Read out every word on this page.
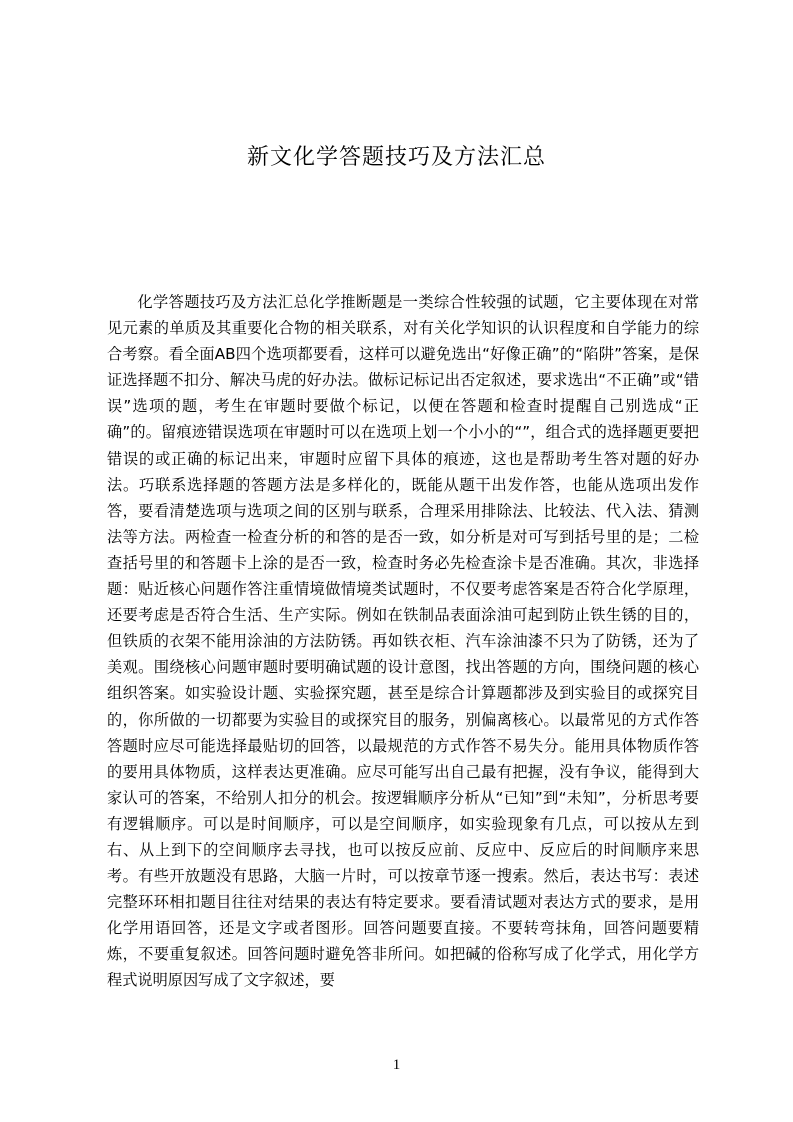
新文化学答题技巧及方法汇总

化学答题技巧及方法汇总化学推断题是一类综合性较强的试题，它主要体现在对常见元素的单质及其重要化合物的相关联系，对有关化学知识的认识程度和自学能力的综合考察。看全面AB四个选项都要看，这样可以避免选出“好像正确”的“陷阱”答案，是保证选择题不扣分、解决马虎的好办法。做标记标记出否定叙述，要求选出“不正确”或“错误”选项的题，考生在审题时要做个标记，以便在答题和检查时提醒自己别选成“正确”的。留痕迹错误选项在审题时可以在选项上划一个小小的“”，组合式的选择题更要把错误的或正确的标记出来，审题时应留下具体的痕迹，这也是帮助考生答对题的好办法。巧联系选择题的答题方法是多样化的，既能从题干出发作答，也能从选项出发作答，要看清楚选项与选项之间的区别与联系，合理采用排除法、比较法、代入法、猜测法等方法。两检查一检查分析的和答的是否一致，如分析是对可写到括号里的是；二检查括号里的和答题卡上涂的是否一致，检查时务必先检查涂卡是否准确。其次，非选择题：贴近核心问题作答注重情境做情境类试题时，不仅要考虑答案是否符合化学原理，还要考虑是否符合生活、生产实际。例如在铁制品表面涂油可起到防止铁生锈的目的，但铁质的衣架不能用涂油的方法防锈。再如铁衣柜、汽车涂油漆不只为了防锈，还为了美观。围绕核心问题审题时要明确试题的设计意图，找出答题的方向，围绕问题的核心组织答案。如实验设计题、实验探究题，甚至是综合计算题都涉及到实验目的或探究目的，你所做的一切都要为实验目的或探究目的服务，别偏离核心。以最常见的方式作答答题时应尽可能选择最贴切的回答，以最规范的方式作答不易失分。能用具体物质作答的要用具体物质，这样表达更准确。应尽可能写出自己最有把握，没有争议，能得到大家认可的答案，不给别人扣分的机会。按逻辑顺序分析从“已知”到“未知”，分析思考要有逻辑顺序。可以是时间顺序，可以是空间顺序，如实验现象有几点，可以按从左到右、从上到下的空间顺序去寻找，也可以按反应前、反应中、反应后的时间顺序来思考。有些开放题没有思路，大脑一片时，可以按章节逐一搜索。然后，表达书写：表述完整环环相扣题目往往对结果的表达有特定要求。要看清试题对表达方式的要求，是用化学用语回答，还是文字或者图形。回答问题要直接。不要转弯抹角，回答问题要精炼，不要重复叙述。回答问题时避免答非所问。如把碱的俗称写成了化学式，用化学方程式说明原因写成了文字叙述，要

1
